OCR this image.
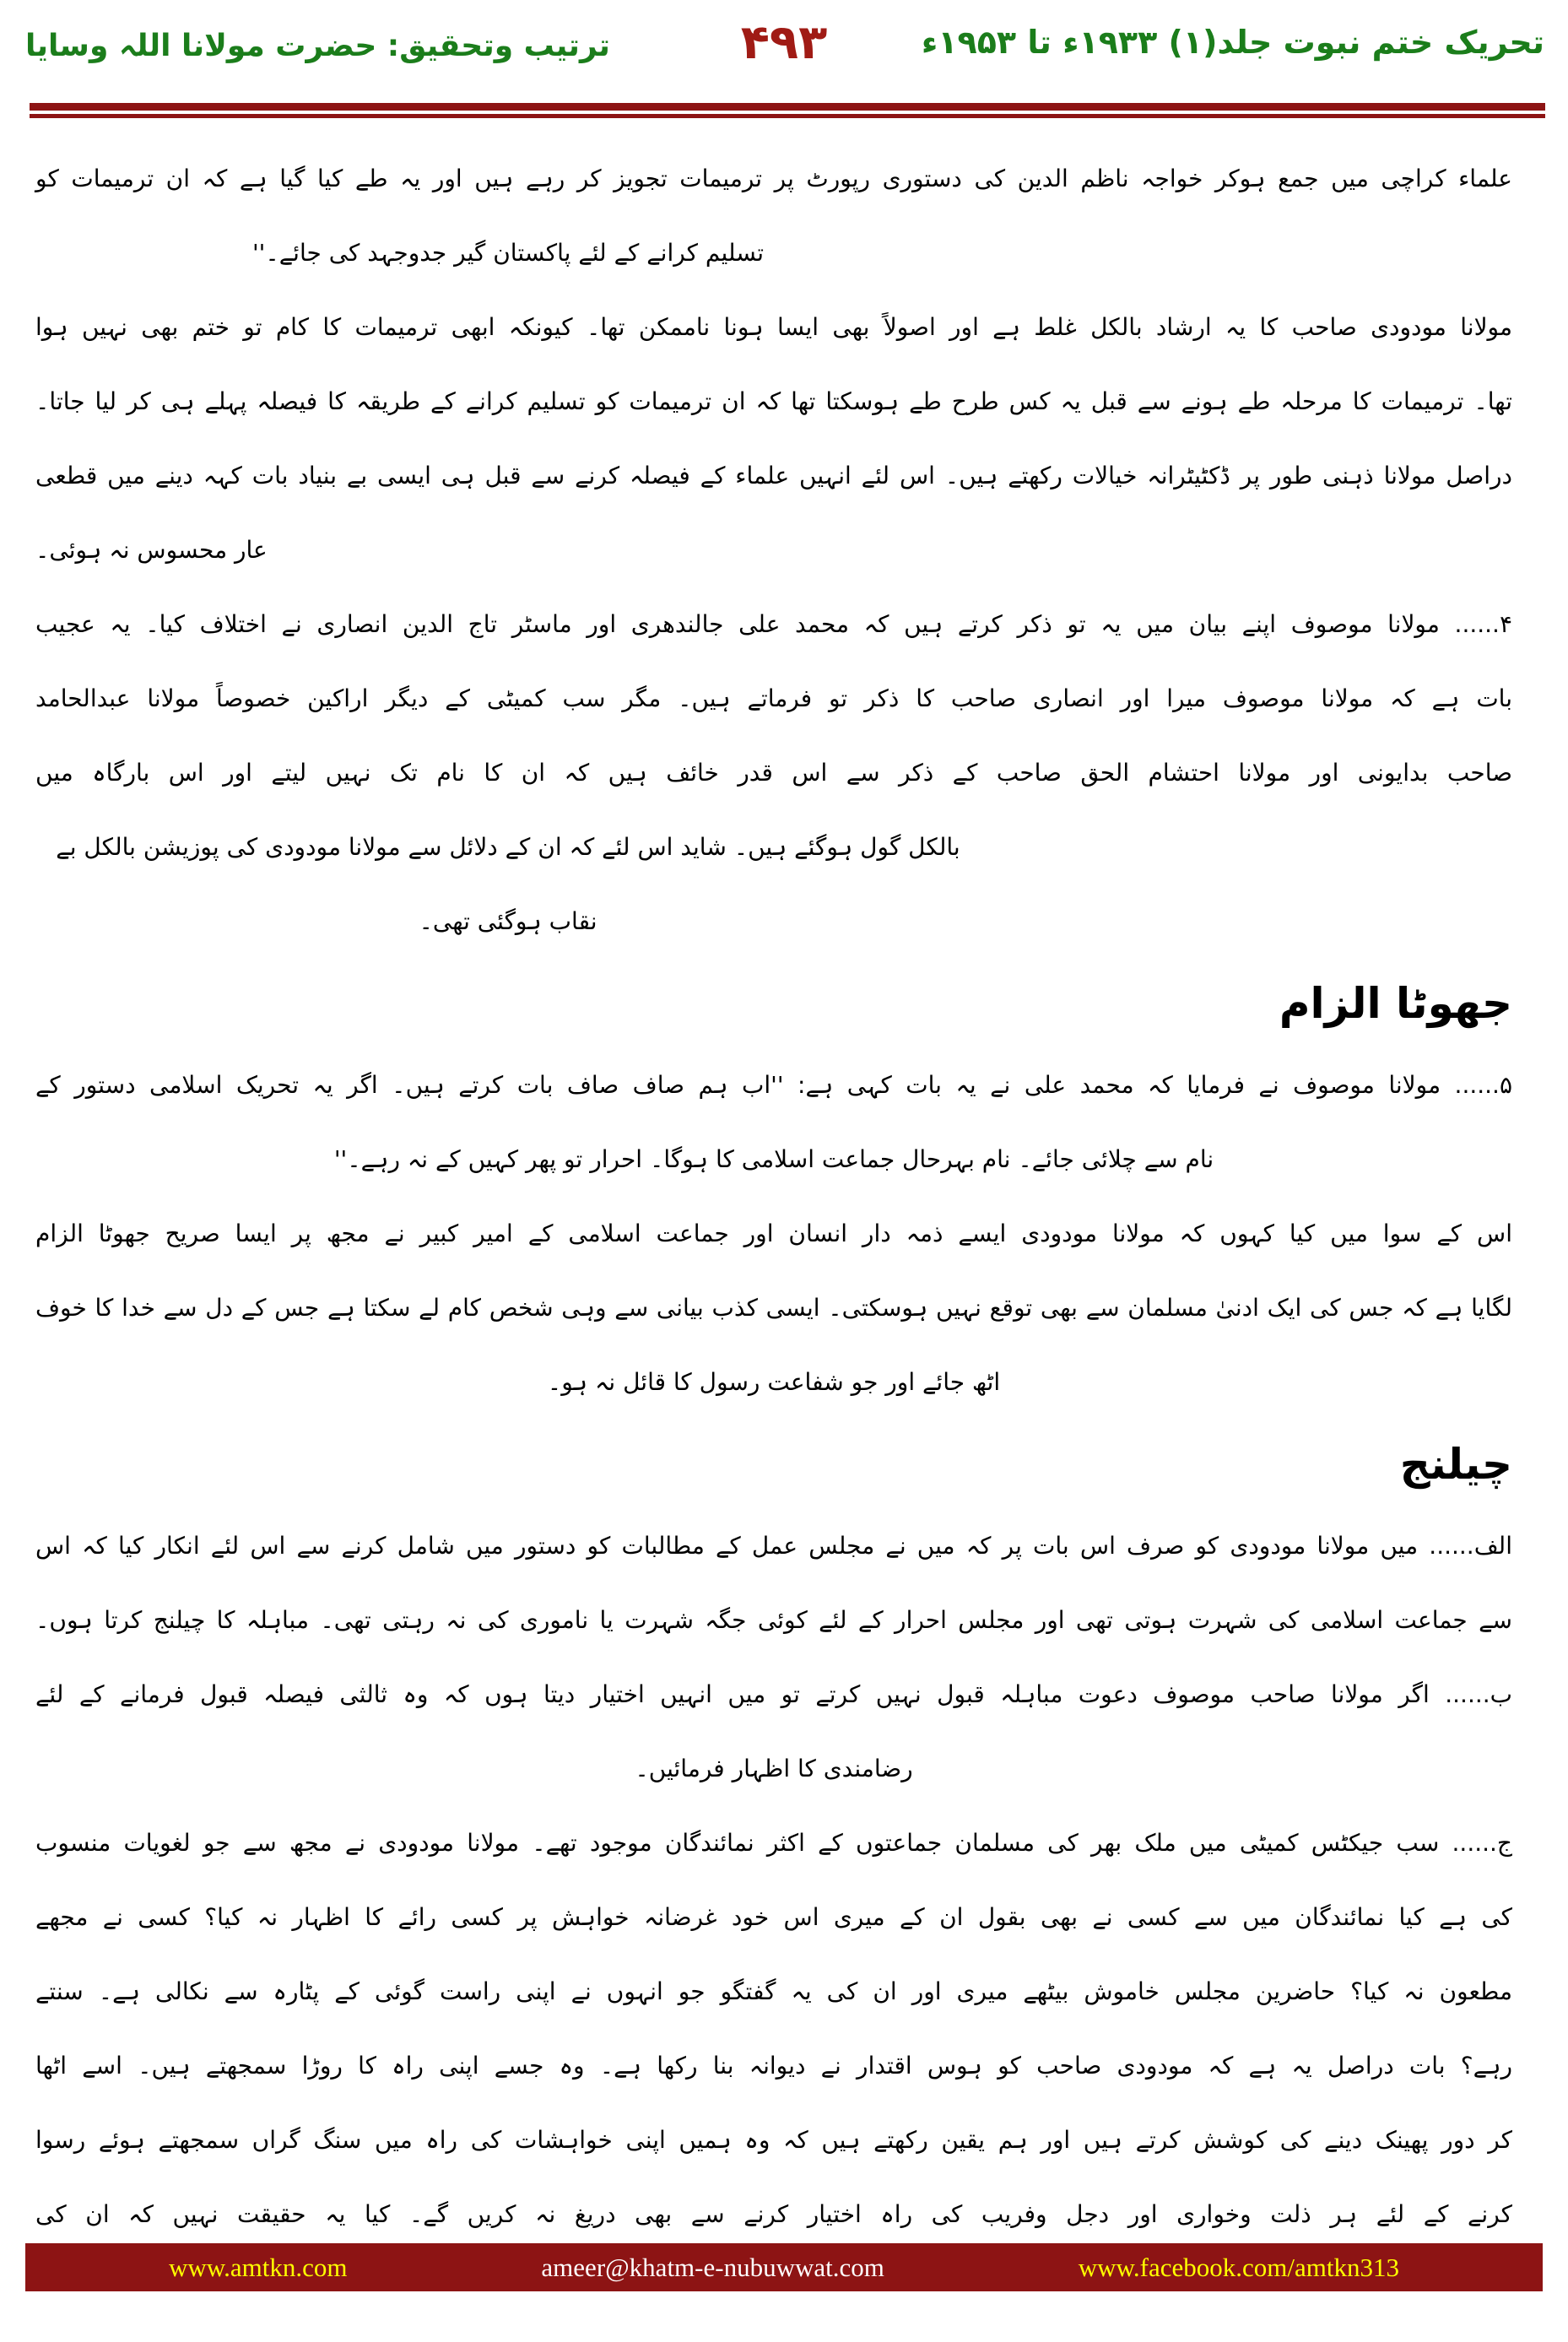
تحریک ختم نبوت جلد(۱) ۱۹۳۳ء تا ۱۹۵۳ء
۴۹۳
ترتیب وتحقیق: حضرت مولانا اللہ وسایا
علماء کراچی میں جمع ہوکر خواجہ ناظم الدین کی دستوری رپورٹ پر ترمیمات تجویز کر رہے ہیں اور یہ طے کیا گیا ہے کہ ان ترمیمات کو
تسلیم کرانے کے لئے پاکستان گیر جدوجہد کی جائے۔''
مولانا مودودی صاحب کا یہ ارشاد بالکل غلط ہے اور اصولاً بھی ایسا ہونا ناممکن تھا۔ کیونکہ ابھی ترمیمات کا کام تو ختم بھی نہیں ہوا
تھا۔ ترمیمات کا مرحلہ طے ہونے سے قبل یہ کس طرح طے ہوسکتا تھا کہ ان ترمیمات کو تسلیم کرانے کے طریقہ کا فیصلہ پہلے ہی کر لیا جاتا۔
دراصل مولانا ذہنی طور پر ڈکٹیٹرانہ خیالات رکھتے ہیں۔ اس لئے انہیں علماء کے فیصلہ کرنے سے قبل ہی ایسی بے بنیاد بات کہہ دینے میں قطعی
عار محسوس نہ ہوئی۔
۴...... مولانا موصوف اپنے بیان میں یہ تو ذکر کرتے ہیں کہ محمد علی جالندھری اور ماسٹر تاج الدین انصاری نے اختلاف کیا۔ یہ عجیب
بات ہے کہ مولانا موصوف میرا اور انصاری صاحب کا ذکر تو فرماتے ہیں۔ مگر سب کمیٹی کے دیگر اراکین خصوصاً مولانا عبدالحامد
صاحب بدایونی اور مولانا احتشام الحق صاحب کے ذکر سے اس قدر خائف ہیں کہ ان کا نام تک نہیں لیتے اور اس بارگاہ میں
بالکل گول ہوگئے ہیں۔ شاید اس لئے کہ ان کے دلائل سے مولانا مودودی کی پوزیشن بالکل بے نقاب ہوگئی تھی۔
جھوٹا الزام
۵...... مولانا موصوف نے فرمایا کہ محمد علی نے یہ بات کہی ہے: ''اب ہم صاف صاف بات کرتے ہیں۔ اگر یہ تحریک اسلامی دستور کے
نام سے چلائی جائے۔ نام بہرحال جماعت اسلامی کا ہوگا۔ احرار تو پھر کہیں کے نہ رہے۔''
اس کے سوا میں کیا کہوں کہ مولانا مودودی ایسے ذمہ دار انسان اور جماعت اسلامی کے امیر کبیر نے مجھ پر ایسا صریح جھوٹا الزام
لگایا ہے کہ جس کی ایک ادنیٰ مسلمان سے بھی توقع نہیں ہوسکتی۔ ایسی کذب بیانی سے وہی شخص کام لے سکتا ہے جس کے دل سے خدا کا خوف
اٹھ جائے اور جو شفاعت رسول کا قائل نہ ہو۔
چیلنج
الف...... میں مولانا مودودی کو صرف اس بات پر کہ میں نے مجلس عمل کے مطالبات کو دستور میں شامل کرنے سے اس لئے انکار کیا کہ اس
سے جماعت اسلامی کی شہرت ہوتی تھی اور مجلس احرار کے لئے کوئی جگہ شہرت یا ناموری کی نہ رہتی تھی۔ مباہلہ کا چیلنج کرتا ہوں۔
ب...... اگر مولانا صاحب موصوف دعوت مباہلہ قبول نہیں کرتے تو میں انہیں اختیار دیتا ہوں کہ وہ ثالثی فیصلہ قبول فرمانے کے لئے
رضامندی کا اظہار فرمائیں۔
ج...... سب جیکٹس کمیٹی میں ملک بھر کی مسلمان جماعتوں کے اکثر نمائندگان موجود تھے۔ مولانا مودودی نے مجھ سے جو لغویات منسوب
کی ہے کیا نمائندگان میں سے کسی نے بھی بقول ان کے میری اس خود غرضانہ خواہش پر کسی رائے کا اظہار نہ کیا؟ کسی نے مجھے
مطعون نہ کیا؟ حاضرین مجلس خاموش بیٹھے میری اور ان کی یہ گفتگو جو انہوں نے اپنی راست گوئی کے پٹارہ سے نکالی ہے۔ سنتے
رہے؟ بات دراصل یہ ہے کہ مودودی صاحب کو ہوس اقتدار نے دیوانہ بنا رکھا ہے۔ وہ جسے اپنی راہ کا روڑا سمجھتے ہیں۔ اسے اٹھا
کر دور پھینک دینے کی کوشش کرتے ہیں اور ہم یقین رکھتے ہیں کہ وہ ہمیں اپنی خواہشات کی راہ میں سنگ گراں سمجھتے ہوئے رسوا
کرنے کے لئے ہر ذلت وخواری اور دجل وفریب کی راہ اختیار کرنے سے بھی دریغ نہ کریں گے۔ کیا یہ حقیقت نہیں کہ ان کی
www.amtkn.com	ameer@khatm-e-nubuwwat.com	www.facebook.com/amtkn313
